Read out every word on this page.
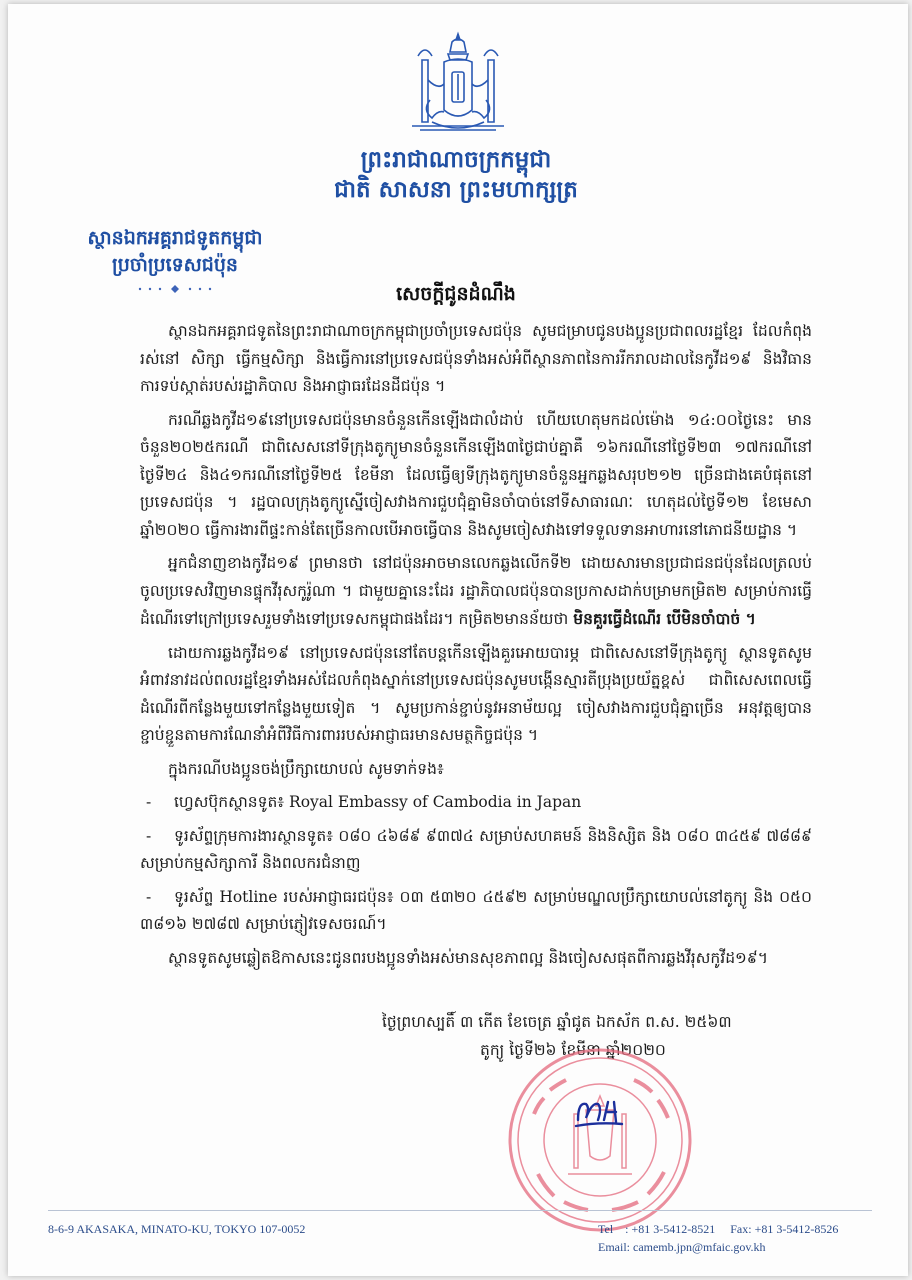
ព្រះរាជាណាចក្រកម្ពុជា
ជាតិ សាសនា ព្រះមហាក្សត្រ
ស្ថានឯកអគ្គរាជទូតកម្ពុជា
ប្រចាំប្រទេសជប៉ុន
សេចក្តីជូនដំណឹង

ស្ថានឯកអគ្គរាជទូតនៃព្រះរាជាណាចក្រកម្ពុជាប្រចាំប្រទេសជប៉ុន សូមជម្រាបជូនបងប្អូនប្រជាពលរដ្ឋខ្មែរ ដែលកំពុងរស់នៅ សិក្សា ធ្វើកម្មសិក្សា និងធ្វើការនៅប្រទេសជប៉ុនទាំងអស់អំពីស្ថានភាពនៃការរីករាលដាលនៃកូវីដ១៩ និងវិធានការទប់ស្កាត់របស់រដ្ឋាភិបាល និងអាជ្ញាធរដែនដីជប៉ុន ។

ករណីឆ្លងកូវីដ១៩នៅប្រទេសជប៉ុនមានចំនួនកើនឡើងជាលំដាប់ ហើយហេតុមកដល់ម៉ោង ១៤:០០ថ្ងៃនេះ មានចំនួន២០២៥ករណី ជាពិសេសនៅទីក្រុងតូក្យូមានចំនួនកើនឡើង៣ថ្ងៃជាប់គ្នាគឺ ១៦ករណីនៅថ្ងៃទី២៣ ១៧ករណីនៅថ្ងៃទី២៤ និង៤១ករណីនៅថ្ងៃទី២៥ ខែមីនា ដែលធ្វើឲ្យទីក្រុងតូក្យូមានចំនួនអ្នកឆ្លងសរុប២១២ ច្រើនជាងគេបំផុតនៅប្រទេសជប៉ុន ។ រដ្ឋបាលក្រុងតូក្យូស្នើចៀសវាងការជួបជុំគ្នាមិនចាំបាច់នៅទីសាធារណៈ ហេតុដល់ថ្ងៃទី១២ ខែមេសា ឆ្នាំ២០២០ ធ្វើការងារពីផ្ទះកាន់តែច្រើនកាលបើអាចធ្វើបាន និងសូមចៀសវាងទៅទទួលទានអាហារនៅភោជនីយដ្ឋាន ។

អ្នកជំនាញខាងកូវីដ១៩ ព្រមានថា នៅជប៉ុនអាចមានលេកឆ្លងលើកទី២ ដោយសារមានប្រជាជនជប៉ុនដែលត្រលប់ចូលប្រទេសវិញមានផ្ទុកវីរុសកូរ៉ូណា ។ ជាមួយគ្នានេះដែរ រដ្ឋាភិបាលជប៉ុនបានប្រកាសដាក់បម្រាមកម្រិត២ សម្រាប់ការធ្វើដំណើរទៅក្រៅប្រទេសរួមទាំងទៅប្រទេសកម្ពុជាផងដែរ។ កម្រិត២មានន័យថា មិនគួរធ្វើដំណើរ បើមិនចាំបាច់ ។

ដោយការឆ្លងកូវីដ១៩ នៅប្រទេសជប៉ុននៅតែបន្តកើនឡើងគួរអោយបារម្ភ ជាពិសេសនៅទីក្រុងតូក្យូ ស្ថានទូតសូមអំពាវនាវដល់ពលរដ្ឋខ្មែរទាំងអស់ដែលកំពុងស្នាក់នៅប្រទេសជប៉ុនសូមបង្កើនស្មារតីប្រុងប្រយ័ត្នខ្ពស់ ជាពិសេសពេលធ្វើដំណើរពីកន្លែងមួយទៅកន្លែងមួយទៀត ។ សូមប្រកាន់ខ្ជាប់នូវអនាម័យល្អ ចៀសវាងការជួបជុំគ្នាច្រើន អនុវត្តឲ្យបានខ្ជាប់ខ្ជួនតាមការណែនាំអំពីវិធីការពាររបស់អាជ្ញាធរមានសមត្ថកិច្ចជប៉ុន ។

ក្នុងករណីបងប្អូនចង់ប្រឹក្សាយោបល់ សូមទាក់ទង៖

- ហ្វេសប៊ុកស្ថានទូត៖ Royal Embassy of Cambodia in Japan
- ទូរស័ព្ទក្រុមការងារស្ថានទូត៖ ០៨០ ៤៦៨៩ ៩៣៧៤ សម្រាប់សហគមន៍ និងនិស្សិត និង ០៨០ ៣៤៥៩ ៧៨៨៩ សម្រាប់កម្មសិក្សាការី និងពលករជំនាញ
- ទូរស័ព្ទ Hotline របស់អាជ្ញាធរជប៉ុន៖ ០៣ ៥៣២០ ៤៥៩២ សម្រាប់មណ្ឌលប្រឹក្សាយោបល់នៅតូក្យូ និង ០៥០ ៣៨១៦ ២៧៨៧ សម្រាប់ភ្ញៀវទេសចរណ៍។

ស្ថានទូតសូមឆ្លៀតឱកាសនេះជូនពរបងប្អូនទាំងអស់មានសុខភាពល្អ និងចៀសសផុតពីការឆ្លងវីរុសកូវីដ១៩។

ថ្ងៃព្រហស្បតិ៍ ៣ កើត ខែចេត្រ ឆ្នាំជូត ឯកស័ក ព.ស. ២៥៦៣
តូក្យូ ថ្ងៃទី២៦ ខែមីនា ឆ្នាំ២០២០
8-6-9 AKASAKA, MINATO-KU, TOKYO 107-0052	Tel    : +81 3-5412-8521     Fax: +81 3-5412-8526
Email: camemb.jpn@mfaic.gov.kh
